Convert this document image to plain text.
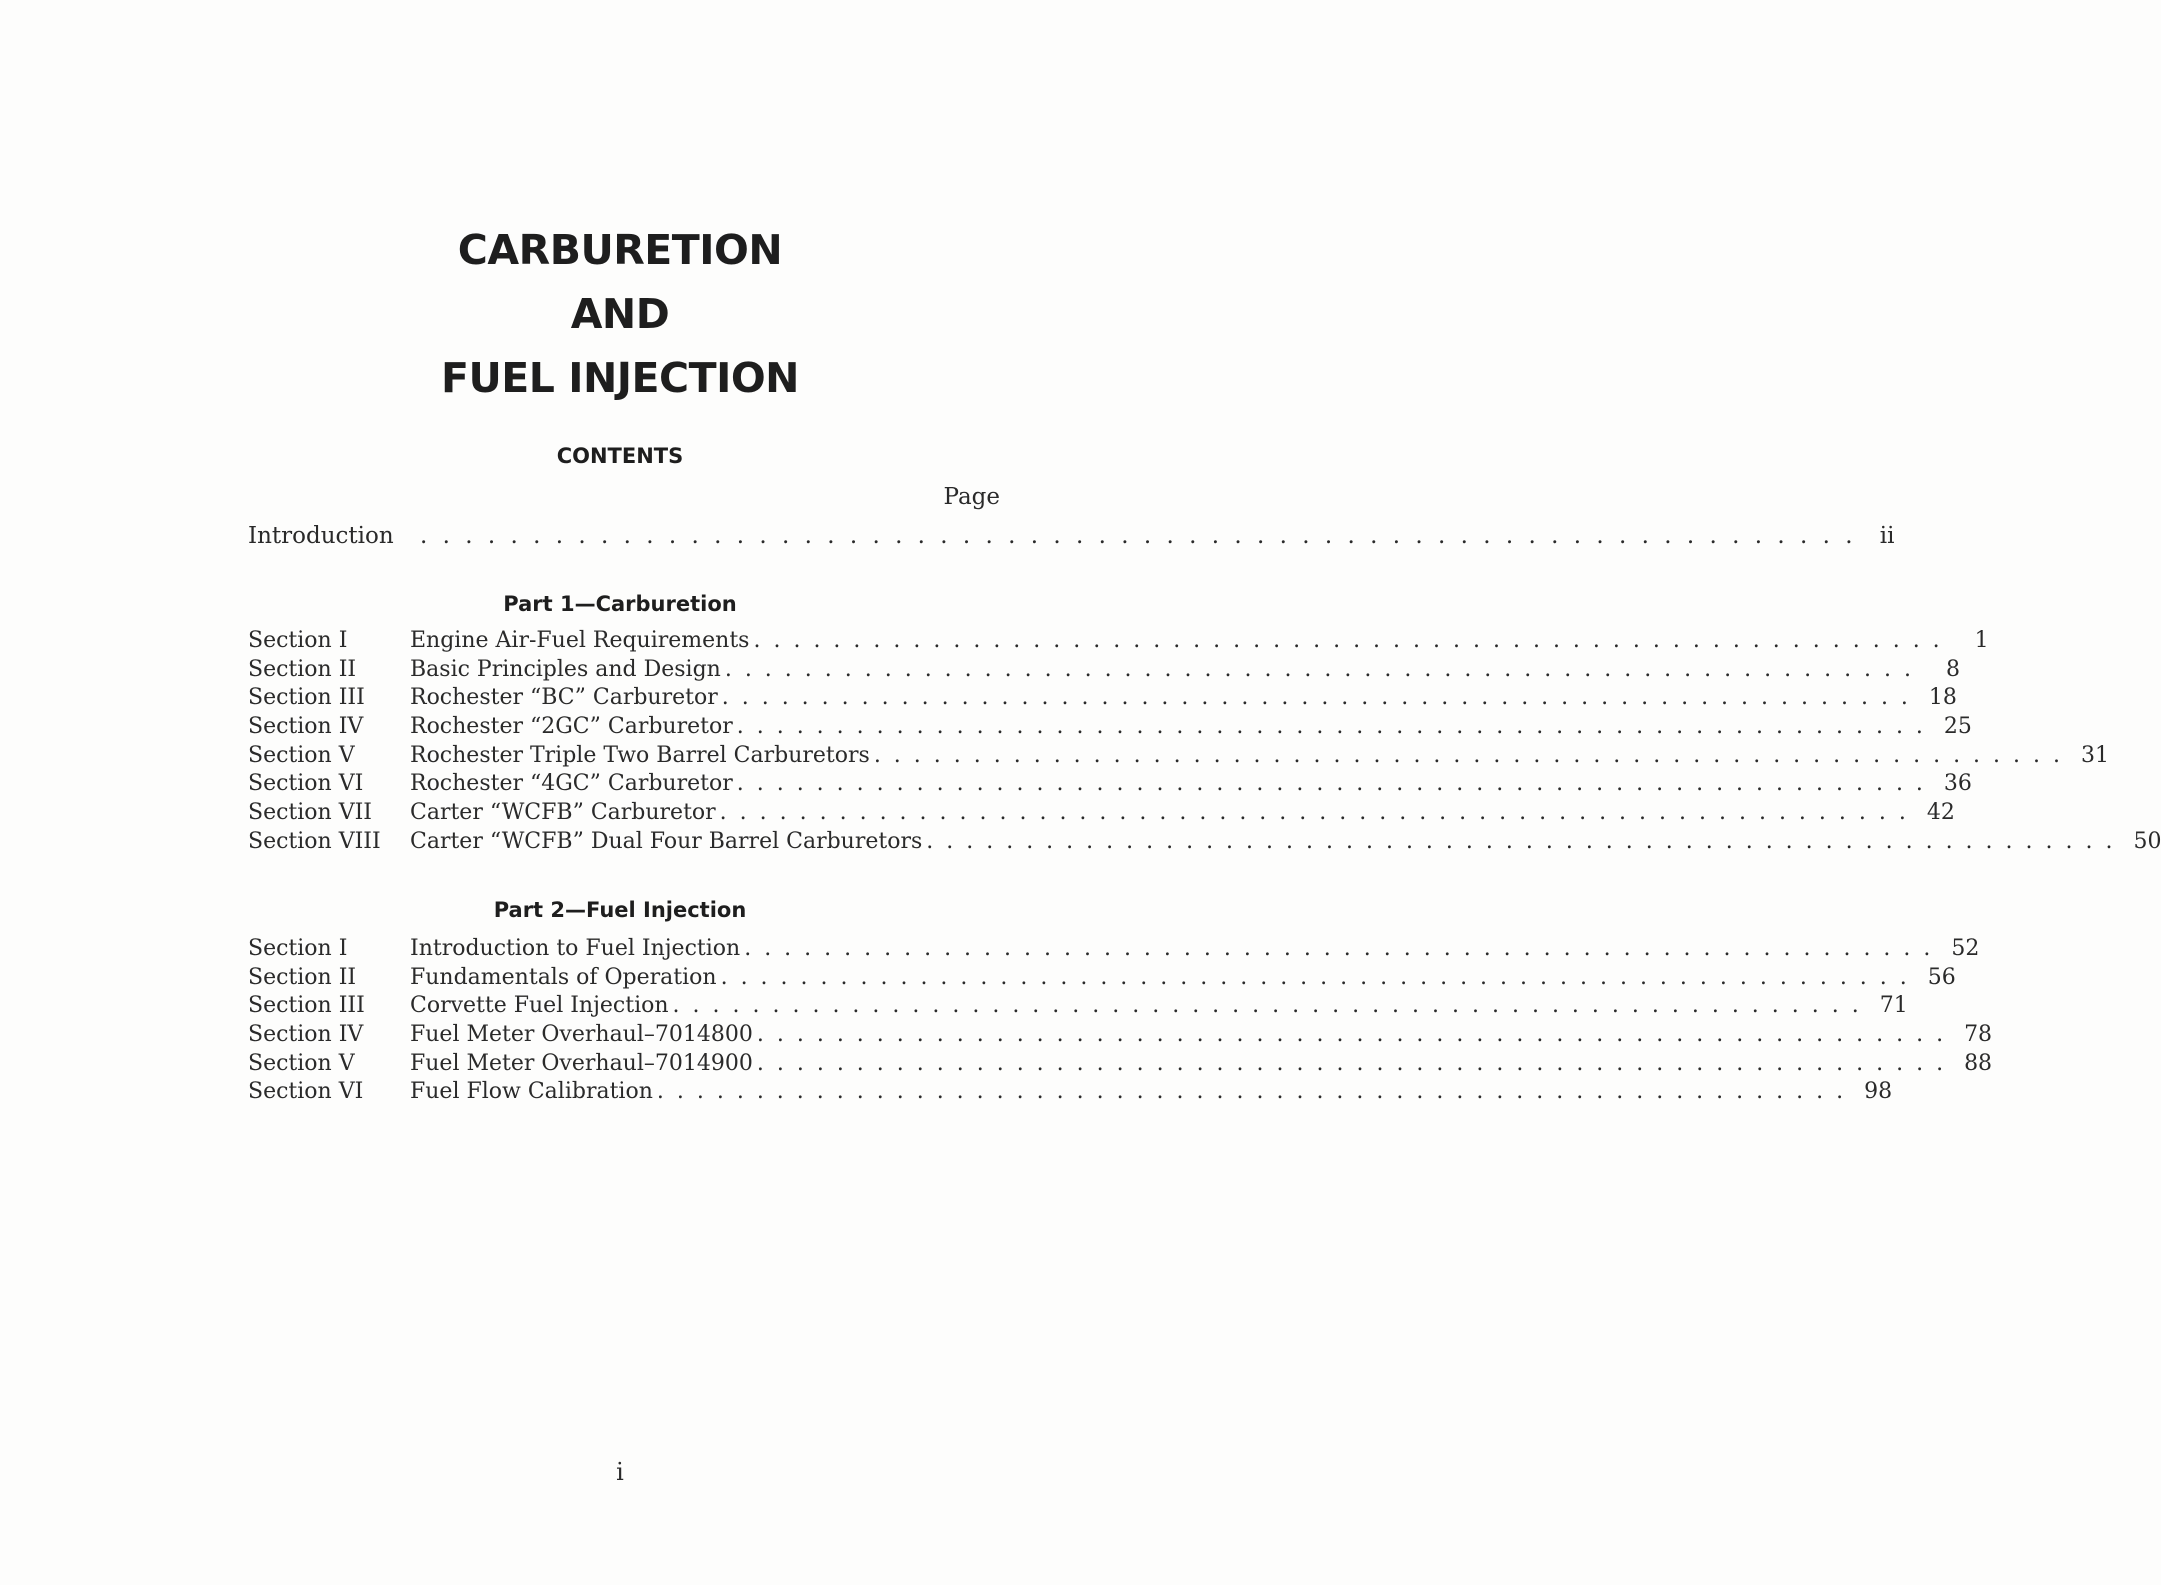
CARBURETION
AND
FUEL INJECTION
CONTENTS
Page
Introduction	. . . . . . . . . . . . . . . . . . . . . . . . . . . . . . . . . . . . . . . . . . . . . . . . . . . . . . . . . . . . . . . .	ii
Part 1—Carburetion
Section I	Engine Air-Fuel Requirements . . . . . . . . . . . . . . . . . . . . . . . . . . . . . . . . . . . . . . . . . . . . . . . . . . . . . . . . . . . .	1
Section II	Basic Principles and Design . . . . . . . . . . . . . . . . . . . . . . . . . . . . . . . . . . . . . . . . . . . . . . . . . . . . . . . . . . . .	8
Section III	Rochester “BC” Carburetor . . . . . . . . . . . . . . . . . . . . . . . . . . . . . . . . . . . . . . . . . . . . . . . . . . . . . . . . . . . . 18
Section IV	Rochester “2GC” Carburetor . . . . . . . . . . . . . . . . . . . . . . . . . . . . . . . . . . . . . . . . . . . . . . . . . . . . . . . . . . . . 25
Section V	Rochester Triple Two Barrel Carburetors . . . . . . . . . . . . . . . . . . . . . . . . . . . . . . . . . . . . . . . . . . . . . . . . . . . . . . . . . . . . 31
Section VI	Rochester “4GC” Carburetor . . . . . . . . . . . . . . . . . . . . . . . . . . . . . . . . . . . . . . . . . . . . . . . . . . . . . . . . . . . . 36
Section VII	Carter “WCFB” Carburetor . . . . . . . . . . . . . . . . . . . . . . . . . . . . . . . . . . . . . . . . . . . . . . . . . . . . . . . . . . . . 42
Section VIII	Carter “WCFB” Dual Four Barrel Carburetors . . . . . . . . . . . . . . . . . . . . . . . . . . . . . . . . . . . . . . . . . . . . . . . . . . . . . . . . . . . . 50
Part 2—Fuel Injection
Section I	Introduction to Fuel Injection . . . . . . . . . . . . . . . . . . . . . . . . . . . . . . . . . . . . . . . . . . . . . . . . . . . . . . . . . . . . 52
Section II	Fundamentals of Operation . . . . . . . . . . . . . . . . . . . . . . . . . . . . . . . . . . . . . . . . . . . . . . . . . . . . . . . . . . . . 56
Section III	Corvette Fuel Injection . . . . . . . . . . . . . . . . . . . . . . . . . . . . . . . . . . . . . . . . . . . . . . . . . . . . . . . . . . . . 71
Section IV	Fuel Meter Overhaul–7014800 . . . . . . . . . . . . . . . . . . . . . . . . . . . . . . . . . . . . . . . . . . . . . . . . . . . . . . . . . . . . 78
Section V	Fuel Meter Overhaul–7014900 . . . . . . . . . . . . . . . . . . . . . . . . . . . . . . . . . . . . . . . . . . . . . . . . . . . . . . . . . . . . 88
Section VI	Fuel Flow Calibration . . . . . . . . . . . . . . . . . . . . . . . . . . . . . . . . . . . . . . . . . . . . . . . . . . . . . . . . . . . . 98
i
